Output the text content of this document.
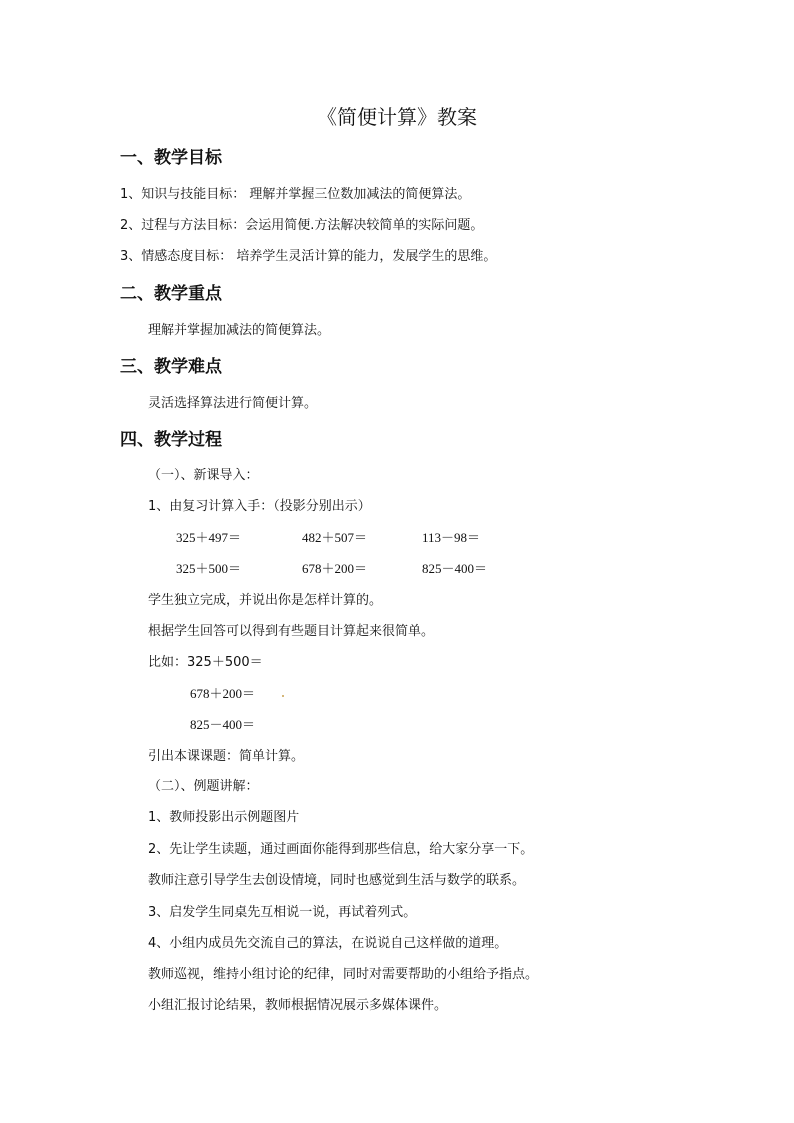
《简便计算》教案
一、教学目标
1、知识与技能目标： 理解并掌握三位数加减法的简便算法。
2、过程与方法目标：会运用简便.方法解决较简单的实际问题。
3、情感态度目标： 培养学生灵活计算的能力，发展学生的思维。
二、教学重点
理解并掌握加减法的简便算法。
三、教学难点
灵活选择算法进行简便计算。
四、教学过程
（一）、新课导入：
1、由复习计算入手：（投影分别出示）
325＋497＝	482＋507＝	113－98＝
325＋500＝	678＋200＝	825－400＝
学生独立完成，并说出你是怎样计算的。
根据学生回答可以得到有些题目计算起来很简单。
比如：325＋500＝
678＋200＝
825－400＝
引出本课课题：简单计算。
（二）、例题讲解：
1、教师投影出示例题图片
2、先让学生读题，通过画面你能得到那些信息，给大家分享一下。
教师注意引导学生去创设情境，同时也感觉到生活与数学的联系。
3、启发学生同桌先互相说一说，再试着列式。
4、小组内成员先交流自己的算法，在说说自己这样做的道理。
教师巡视，维持小组讨论的纪律，同时对需要帮助的小组给予指点。
小组汇报讨论结果，教师根据情况展示多媒体课件。
